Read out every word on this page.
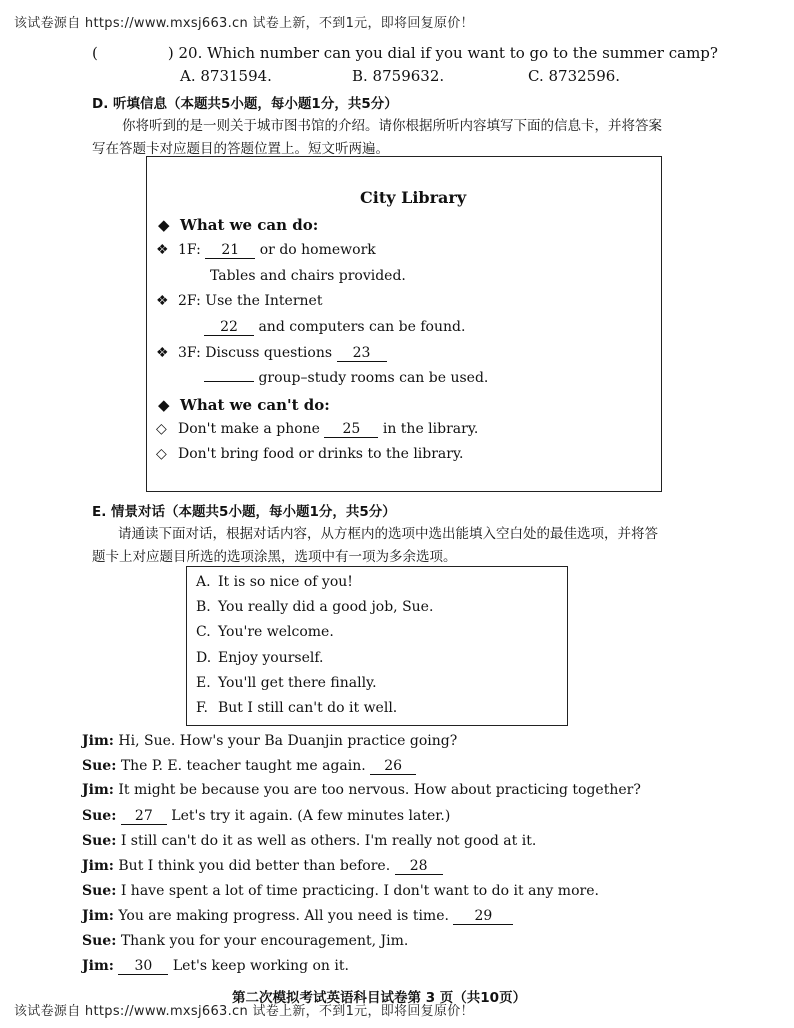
该试卷源自 https://www.mxsj663.cn 试卷上新，不到1元，即将回复原价！
(	) 20. Which number can you dial if you want to go to the summer camp?
A. 8731594.	B. 8759632.	C. 8732596.
D. 听填信息（本题共5小题，每小题1分，共5分）
你将听到的是一则关于城市图书馆的介绍。请你根据所听内容填写下面的信息卡，并将答案
写在答题卡对应题目的答题位置上。短文听两遍。
City Library
◆ What we can do:
❖ 1F: 21 or do homework
Tables and chairs provided.
❖ 2F: Use the Internet
22 and computers can be found.
❖ 3F: Discuss questions 23
group–study rooms can be used.
◆ What we can't do:
◇ Don't make a phone 25 in the library.
◇ Don't bring food or drinks to the library.
E. 情景对话（本题共5小题，每小题1分，共5分）
请通读下面对话，根据对话内容，从方框内的选项中选出能填入空白处的最佳选项，并将答
题卡上对应题目所选的选项涂黑，选项中有一项为多余选项。
A. It is so nice of you!
B. You really did a good job, Sue.
C. You're welcome.
D. Enjoy yourself.
E. You'll get there finally.
F. But I still can't do it well.
Jim: Hi, Sue. How's your Ba Duanjin practice going?
Sue: The P. E. teacher taught me again. 26
Jim: It might be because you are too nervous. How about practicing together?
Sue: 27 Let's try it again. (A few minutes later.)
Sue: I still can't do it as well as others. I'm really not good at it.
Jim: But I think you did better than before. 28
Sue: I have spent a lot of time practicing. I don't want to do it any more.
Jim: You are making progress. All you need is time. 29
Sue: Thank you for your encouragement, Jim.
Jim: 30 Let's keep working on it.
第二次模拟考试英语科目试卷第 3 页（共10页）
该试卷源自 https://www.mxsj663.cn 试卷上新，不到1元，即将回复原价！
